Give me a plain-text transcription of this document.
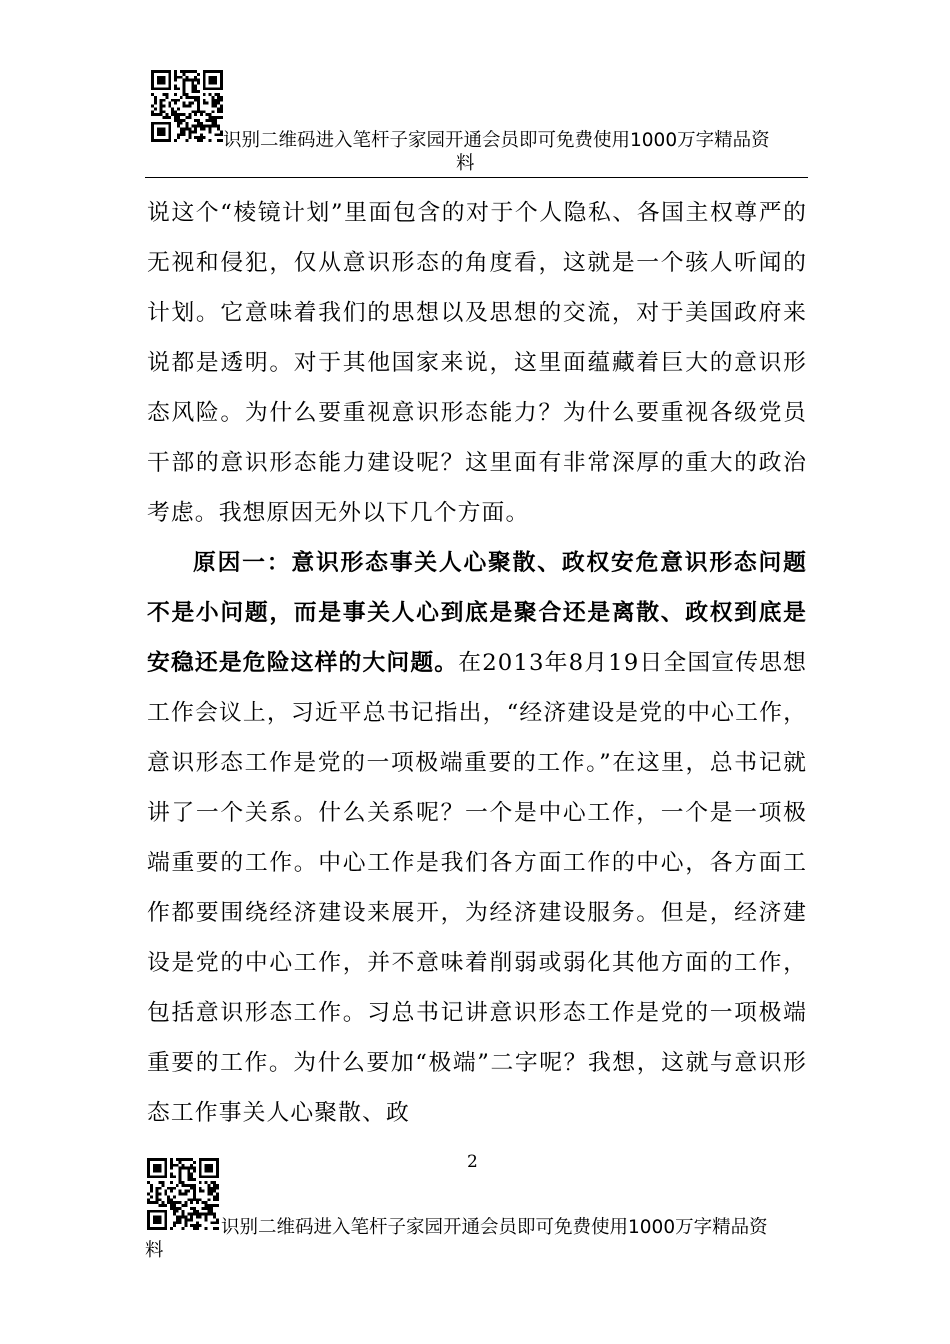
识别二维码进入笔杆子家园开通会员即可免费使用1000万字精品资
料

说这个“棱镜计划”里面包含的对于个人隐私、各国主权尊严的无视和侵犯，仅从意识形态的角度看，这就是一个骇人听闻的计划。它意味着我们的思想以及思想的交流，对于美国政府来说都是透明。对于其他国家来说，这里面蕴藏着巨大的意识形态风险。为什么要重视意识形态能力？为什么要重视各级党员干部的意识形态能力建设呢？这里面有非常深厚的重大的政治考虑。我想原因无外以下几个方面。

原因一：意识形态事关人心聚散、政权安危意识形态问题不是小问题，而是事关人心到底是聚合还是离散、政权到底是安稳还是危险这样的大问题。在2013年8月19日全国宣传思想工作会议上，习近平总书记指出，“经济建设是党的中心工作，意识形态工作是党的一项极端重要的工作。”在这里，总书记就讲了一个关系。什么关系呢？一个是中心工作，一个是一项极端重要的工作。中心工作是我们各方面工作的中心，各方面工作都要围绕经济建设来展开，为经济建设服务。但是，经济建设是党的中心工作，并不意味着削弱或弱化其他方面的工作，包括意识形态工作。习总书记讲意识形态工作是党的一项极端重要的工作。为什么要加“极端”二字呢？我想，这就与意识形态工作事关人心聚散、政

2
识别二维码进入笔杆子家园开通会员即可免费使用1000万字精品资
料
